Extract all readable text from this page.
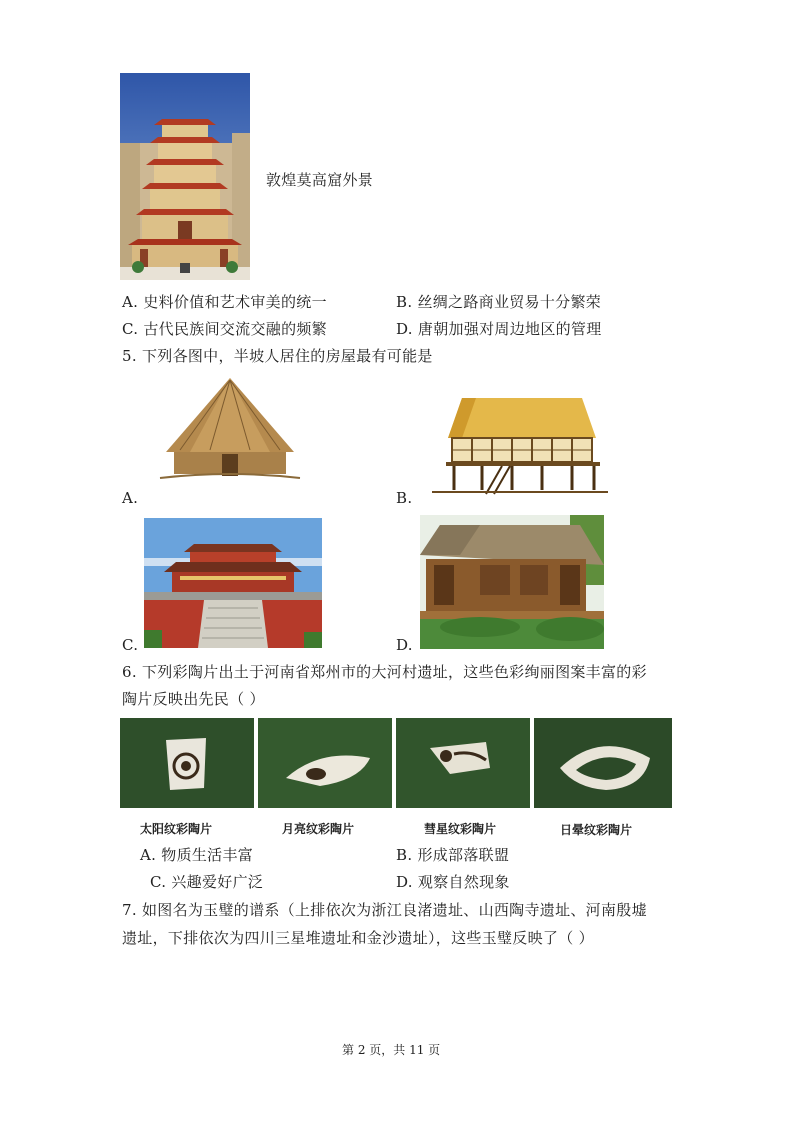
敦煌莫高窟外景
A. 史料价值和艺术审美的统一	B. 丝绸之路商业贸易十分繁荣
C. 古代民族间交流交融的频繁	D. 唐朝加强对周边地区的管理
5. 下列各图中，半坡人居住的房屋最有可能是
A.	B.
C.	D.
6. 下列彩陶片出土于河南省郑州市的大河村遗址，这些色彩绚丽图案丰富的彩
陶片反映出先民（ ）
太阳纹彩陶片	月亮纹彩陶片	彗星纹彩陶片	日晕纹彩陶片
A. 物质生活丰富	B. 形成部落联盟
C. 兴趣爱好广泛	D. 观察自然现象
7. 如图名为玉璧的谱系（上排依次为浙江良渚遗址、山西陶寺遗址、河南殷墟
遗址，下排依次为四川三星堆遗址和金沙遗址），这些玉璧反映了（ ）
第 2 页，共 11 页
